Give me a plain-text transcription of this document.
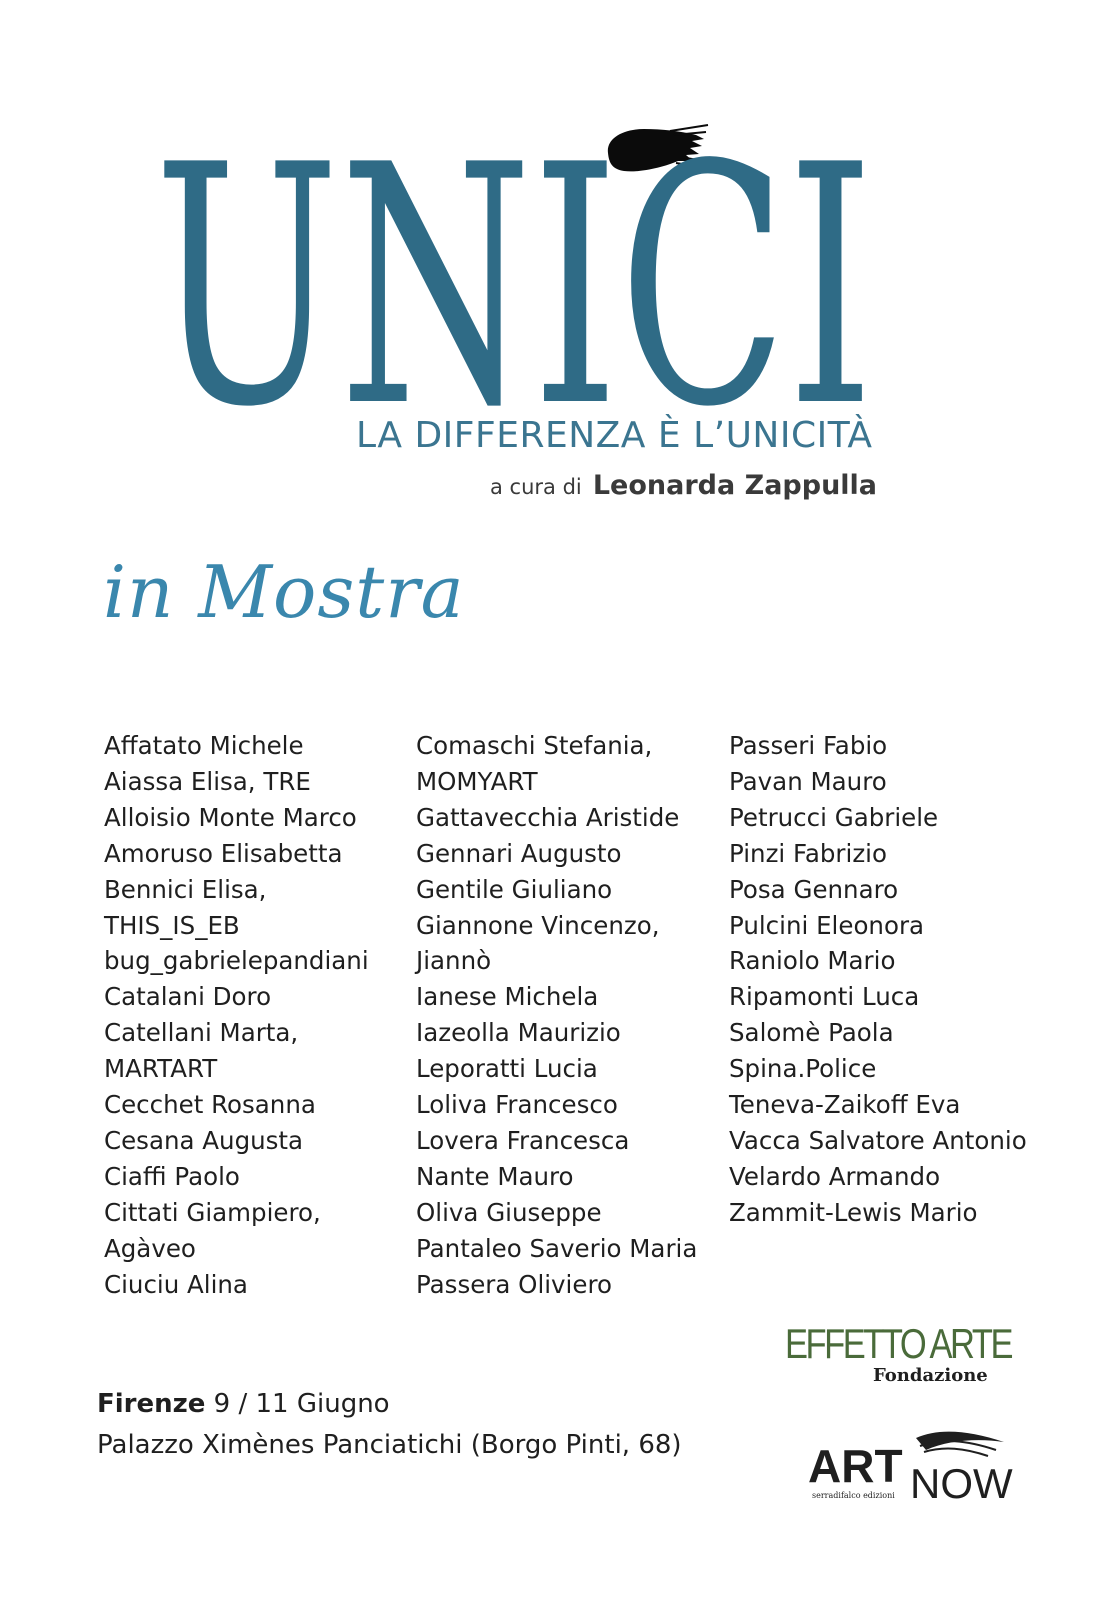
UNICI
LA DIFFERENZA È L’UNICITÀ
a cura di Leonarda Zappulla
in Mostra
Affatato Michele
Aiassa Elisa, TRE
Alloisio Monte Marco
Amoruso Elisabetta
Bennici Elisa,
THIS_IS_EB
bug_gabrielepandiani
Catalani Doro
Catellani Marta,
MARTART
Cecchet Rosanna
Cesana Augusta
Ciaffi Paolo
Cittati Giampiero,
Agàveo
Ciuciu Alina
Comaschi Stefania,
MOMYART
Gattavecchia Aristide
Gennari Augusto
Gentile Giuliano
Giannone Vincenzo,
Jiannò
Ianese Michela
Iazeolla Maurizio
Leporatti Lucia
Loliva Francesco
Lovera Francesca
Nante Mauro
Oliva Giuseppe
Pantaleo Saverio Maria
Passera Oliviero
Passeri Fabio
Pavan Mauro
Petrucci Gabriele
Pinzi Fabrizio
Posa Gennaro
Pulcini Eleonora
Raniolo Mario
Ripamonti Luca
Salomè Paola
Spina.Police
Teneva-Zaikoff Eva
Vacca Salvatore Antonio
Velardo Armando
Zammit-Lewis Mario
Firenze 9 / 11 Giugno
Palazzo Ximènes Panciatichi (Borgo Pinti, 68)
EFFETTO ARTE
Fondazione
ART NOW
serradifalco edizioni
